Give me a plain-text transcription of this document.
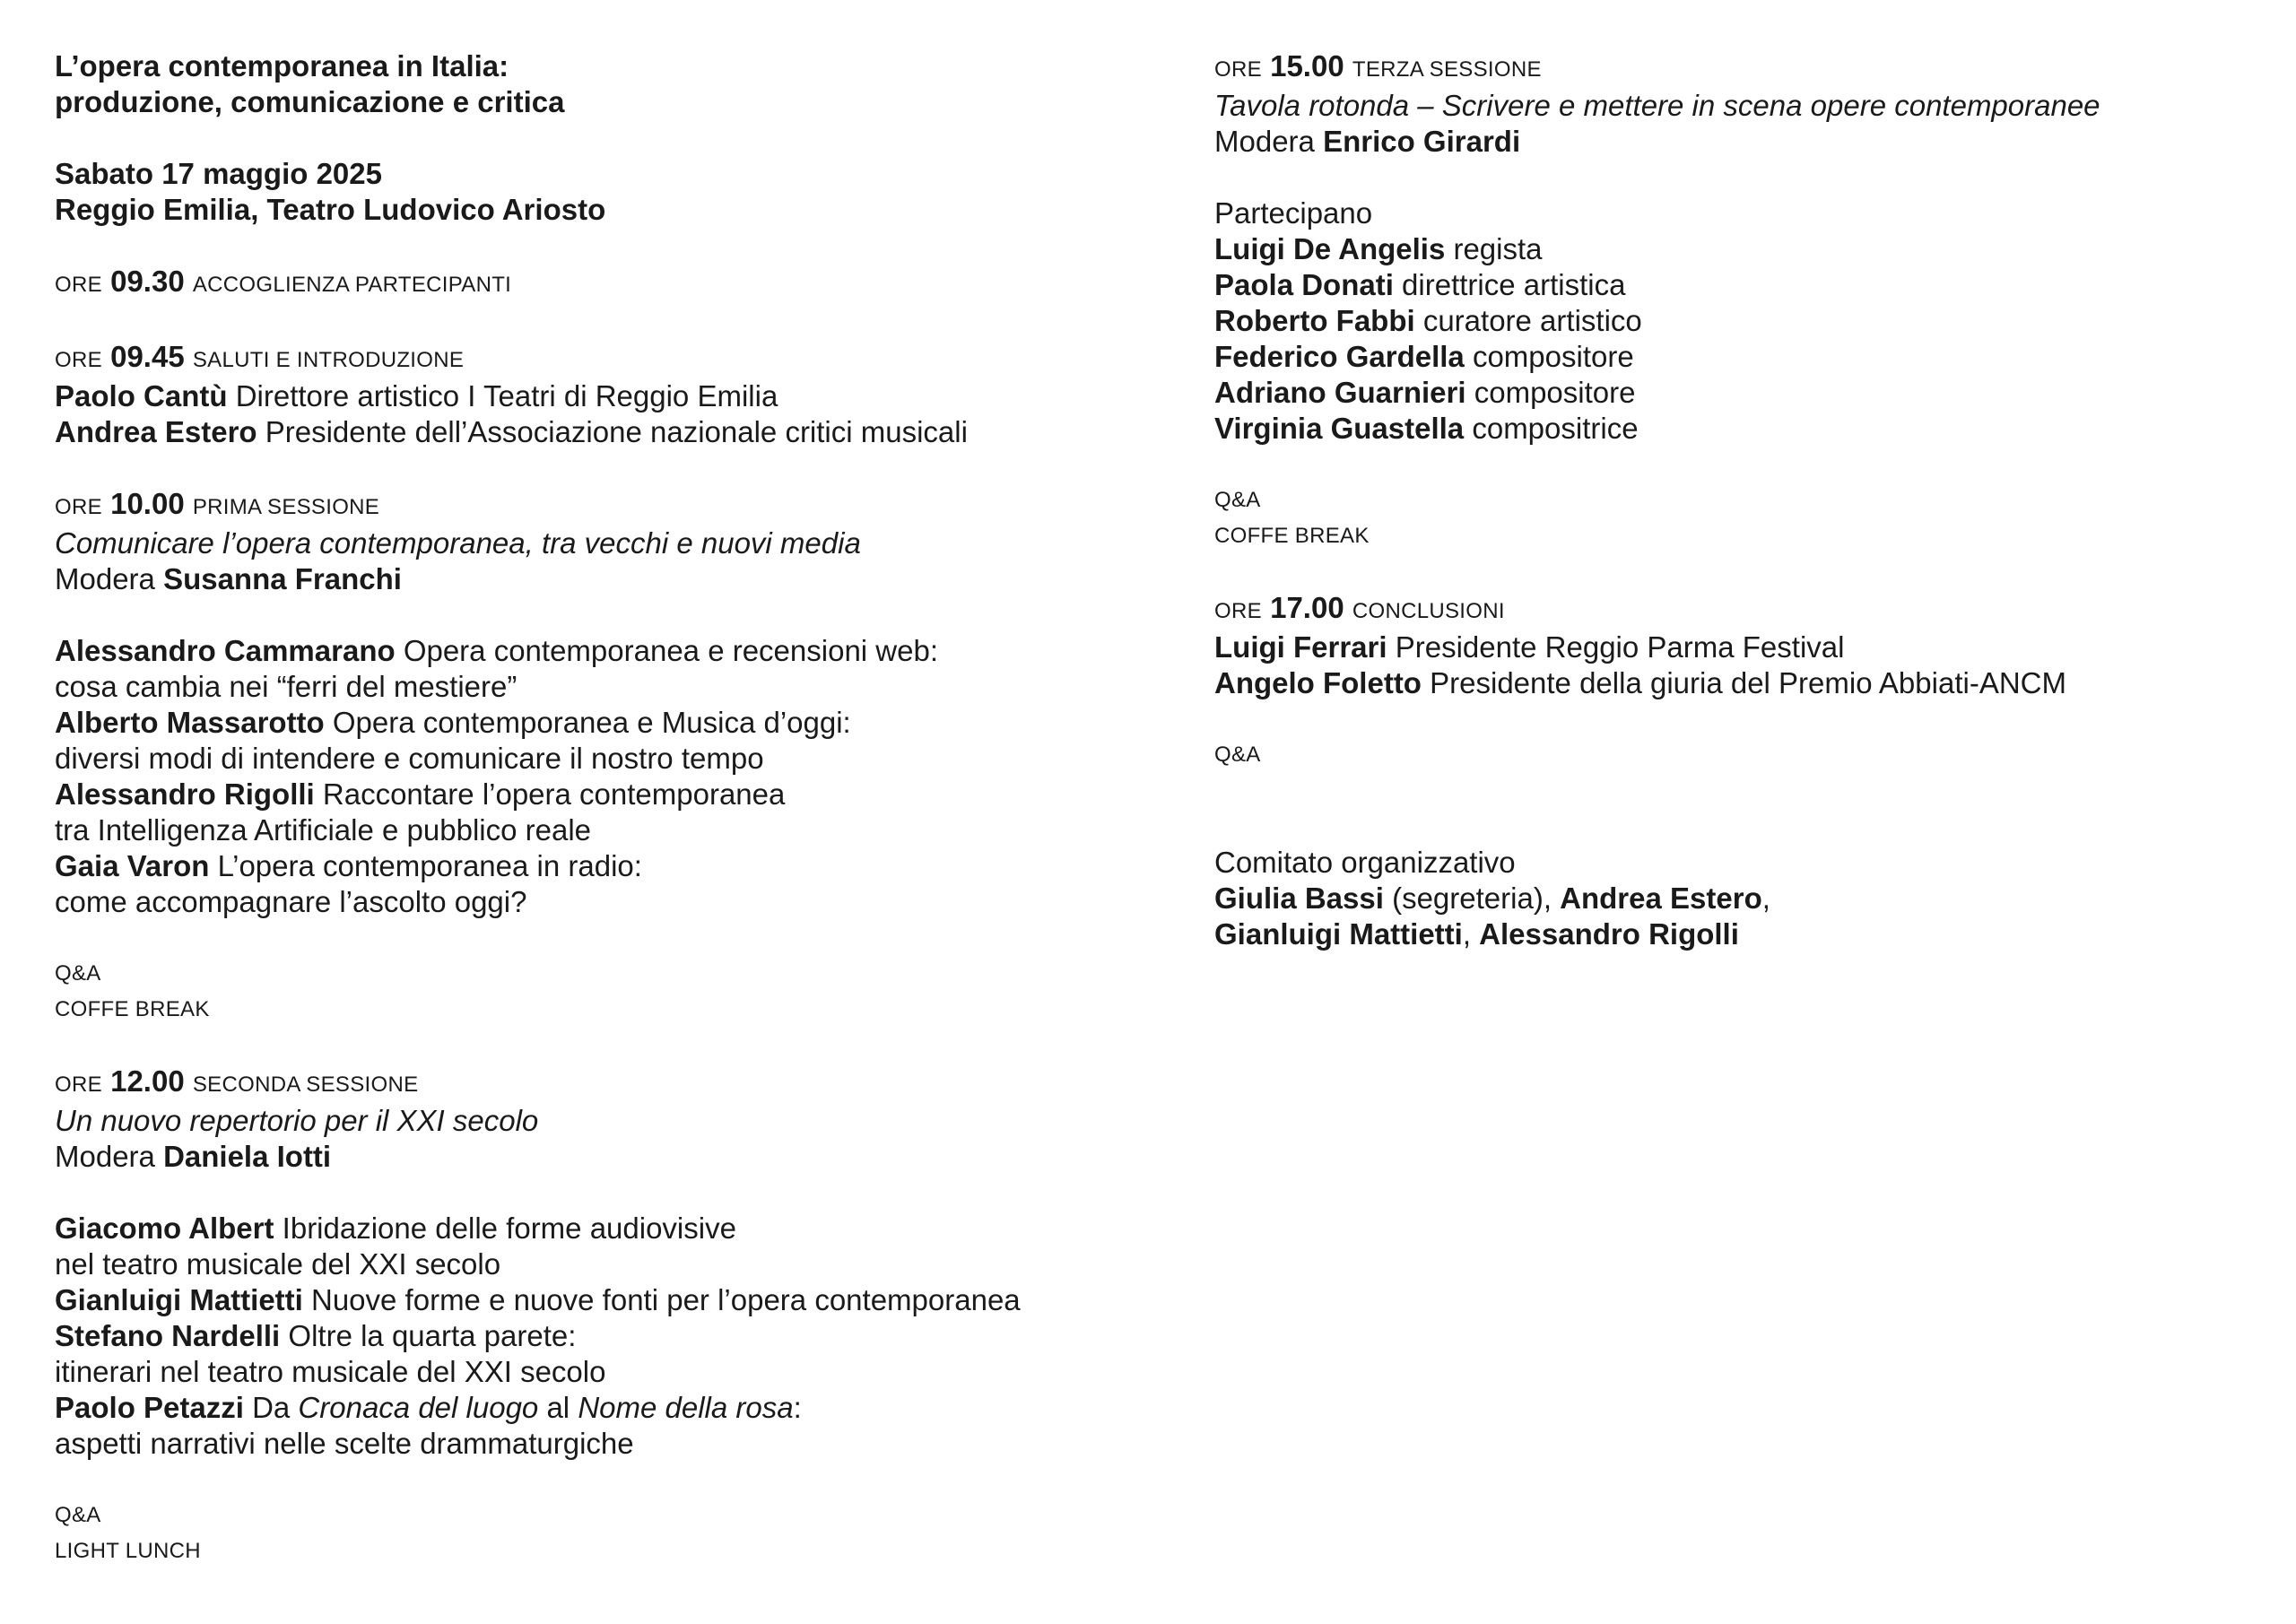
L’opera contemporanea in Italia:

produzione, comunicazione e critica

Sabato 17 maggio 2025

Reggio Emilia, Teatro Ludovico Ariosto

ORE 09.30 ACCOGLIENZA PARTECIPANTI

ORE 09.45 SALUTI E INTRODUZIONE

Paolo Cantù Direttore artistico I Teatri di Reggio Emilia

Andrea Estero Presidente dell’Associazione nazionale critici musicali

ORE 10.00 PRIMA SESSIONE

Comunicare l’opera contemporanea, tra vecchi e nuovi media

Modera Susanna Franchi

Alessandro Cammarano Opera contemporanea e recensioni web:

cosa cambia nei “ferri del mestiere”

Alberto Massarotto Opera contemporanea e Musica d’oggi:

diversi modi di intendere e comunicare il nostro tempo

Alessandro Rigolli Raccontare l’opera contemporanea

tra Intelligenza Artificiale e pubblico reale

Gaia Varon L’opera contemporanea in radio:

come accompagnare l’ascolto oggi?

Q&A

COFFE BREAK

ORE 12.00 SECONDA SESSIONE

Un nuovo repertorio per il XXI secolo

Modera Daniela Iotti

Giacomo Albert Ibridazione delle forme audiovisive

nel teatro musicale del XXI secolo

Gianluigi Mattietti Nuove forme e nuove fonti per l’opera contemporanea

Stefano Nardelli Oltre la quarta parete:

itinerari nel teatro musicale del XXI secolo

Paolo Petazzi Da Cronaca del luogo al Nome della rosa:

aspetti narrativi nelle scelte drammaturgiche

Q&A

LIGHT LUNCH

ORE 15.00 TERZA SESSIONE

Tavola rotonda – Scrivere e mettere in scena opere contemporanee

Modera Enrico Girardi

Partecipano

Luigi De Angelis regista

Paola Donati direttrice artistica

Roberto Fabbi curatore artistico

Federico Gardella compositore

Adriano Guarnieri compositore

Virginia Guastella compositrice

Q&A

COFFE BREAK

ORE 17.00 CONCLUSIONI

Luigi Ferrari Presidente Reggio Parma Festival

Angelo Foletto Presidente della giuria del Premio Abbiati-ANCM

Q&A

Comitato organizzativo

Giulia Bassi (segreteria), Andrea Estero,

Gianluigi Mattietti, Alessandro Rigolli
